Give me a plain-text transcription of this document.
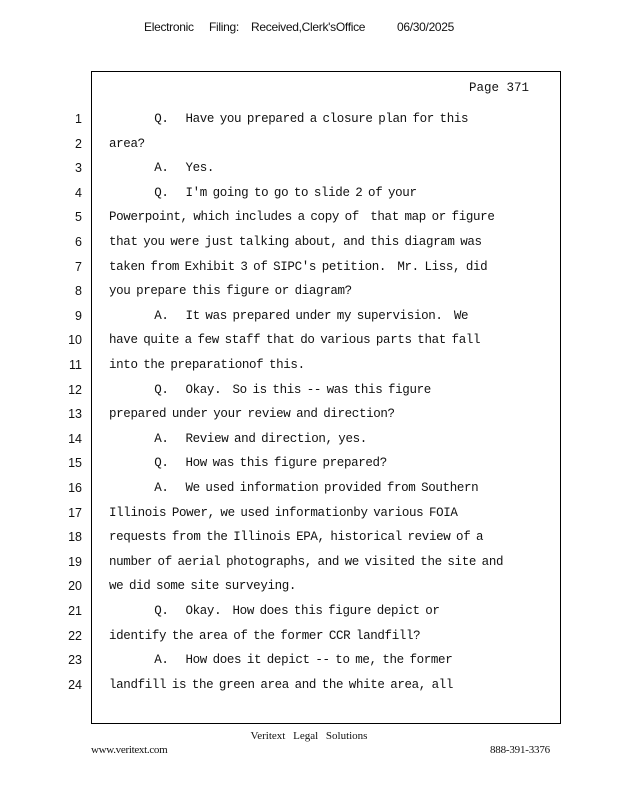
Electronic Filing: Received,Clerk'sOffice	06/30/2025
Page 371
1
2
3
4
5
6
7
8
9
10
11
12
13
14
15
16
17
18
19
20
21
22
23
24
Q.   Have you prepared a closure plan for this
area?
A.   Yes.
Q.   I'm going to go to slide 2 of your
Powerpoint, which includes a copy of  that map or figure
that you were just talking about, and this diagram was
taken from Exhibit 3 of SIPC's petition.  Mr. Liss, did
you prepare this figure or diagram?
A.   It was prepared under my supervision.  We
have quite a few staff that do various parts that fall
into the preparationof this.
Q.   Okay.  So is this -- was this figure
prepared under your review and direction?
A.   Review and direction, yes.
Q.   How was this figure prepared?
A.   We used information provided from Southern
Illinois Power, we used informationby various FOIA
requests from the Illinois EPA, historical review of a
number of aerial photographs, and we visited the site and
we did some site surveying.
Q.   Okay.  How does this figure depict or
identify the area of the former CCR landfill?
A.   How does it depict -- to me, the former
landfill is the green area and the white area, all
Veritext Legal Solutions
www.veritext.com	888-391-3376
